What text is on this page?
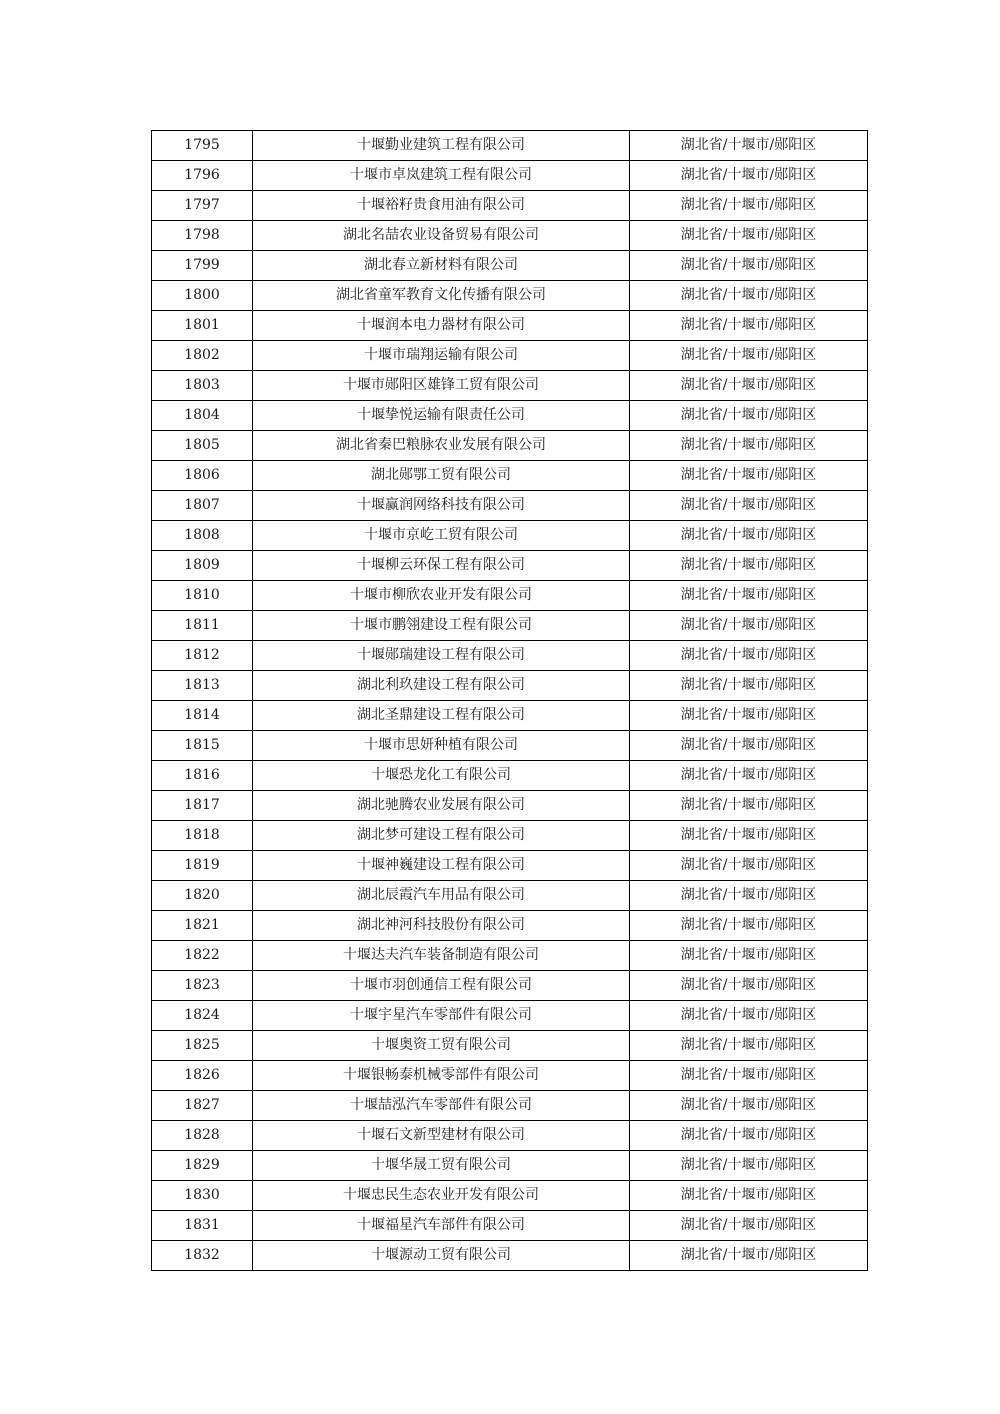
1795	十堰勤业建筑工程有限公司	湖北省/十堰市/郧阳区
1796	十堰市卓岚建筑工程有限公司	湖北省/十堰市/郧阳区
1797	十堰裕籽贵食用油有限公司	湖北省/十堰市/郧阳区
1798	湖北名喆农业设备贸易有限公司	湖北省/十堰市/郧阳区
1799	湖北春立新材料有限公司	湖北省/十堰市/郧阳区
1800	湖北省童军教育文化传播有限公司	湖北省/十堰市/郧阳区
1801	十堰润本电力器材有限公司	湖北省/十堰市/郧阳区
1802	十堰市瑞翔运输有限公司	湖北省/十堰市/郧阳区
1803	十堰市郧阳区雄锋工贸有限公司	湖北省/十堰市/郧阳区
1804	十堰挚悦运输有限责任公司	湖北省/十堰市/郧阳区
1805	湖北省秦巴粮脉农业发展有限公司	湖北省/十堰市/郧阳区
1806	湖北郧鄂工贸有限公司	湖北省/十堰市/郧阳区
1807	十堰赢润网络科技有限公司	湖北省/十堰市/郧阳区
1808	十堰市京屹工贸有限公司	湖北省/十堰市/郧阳区
1809	十堰柳云环保工程有限公司	湖北省/十堰市/郧阳区
1810	十堰市柳欣农业开发有限公司	湖北省/十堰市/郧阳区
1811	十堰市鹏翎建设工程有限公司	湖北省/十堰市/郧阳区
1812	十堰郧瑞建设工程有限公司	湖北省/十堰市/郧阳区
1813	湖北利玖建设工程有限公司	湖北省/十堰市/郧阳区
1814	湖北圣鼎建设工程有限公司	湖北省/十堰市/郧阳区
1815	十堰市思妍种植有限公司	湖北省/十堰市/郧阳区
1816	十堰恐龙化工有限公司	湖北省/十堰市/郧阳区
1817	湖北驰腾农业发展有限公司	湖北省/十堰市/郧阳区
1818	湖北梦可建设工程有限公司	湖北省/十堰市/郧阳区
1819	十堰神巍建设工程有限公司	湖北省/十堰市/郧阳区
1820	湖北辰霞汽车用品有限公司	湖北省/十堰市/郧阳区
1821	湖北神河科技股份有限公司	湖北省/十堰市/郧阳区
1822	十堰达夫汽车装备制造有限公司	湖北省/十堰市/郧阳区
1823	十堰市羽创通信工程有限公司	湖北省/十堰市/郧阳区
1824	十堰宇星汽车零部件有限公司	湖北省/十堰市/郧阳区
1825	十堰奥资工贸有限公司	湖北省/十堰市/郧阳区
1826	十堰银畅泰机械零部件有限公司	湖北省/十堰市/郧阳区
1827	十堰喆泓汽车零部件有限公司	湖北省/十堰市/郧阳区
1828	十堰石文新型建材有限公司	湖北省/十堰市/郧阳区
1829	十堰华晟工贸有限公司	湖北省/十堰市/郧阳区
1830	十堰忠民生态农业开发有限公司	湖北省/十堰市/郧阳区
1831	十堰福星汽车部件有限公司	湖北省/十堰市/郧阳区
1832	十堰源动工贸有限公司	湖北省/十堰市/郧阳区
